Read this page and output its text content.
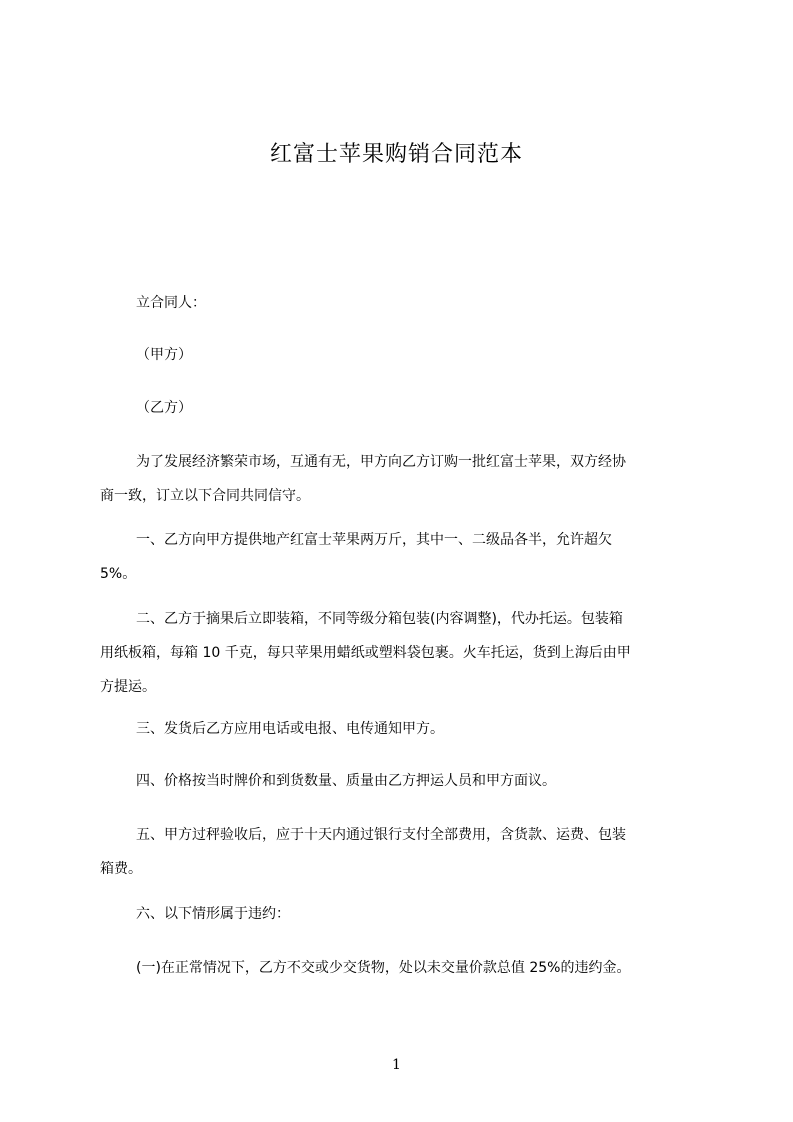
红富士苹果购销合同范本
立合同人：
（甲方）
（乙方）
为了发展经济繁荣市场，互通有无，甲方向乙方订购一批红富士苹果，双方经协
商一致，订立以下合同共同信守。
一、乙方向甲方提供地产红富士苹果两万斤，其中一、二级品各半，允许超欠
5%。
二、乙方于摘果后立即装箱，不同等级分箱包装(内容调整)，代办托运。包装箱
用纸板箱，每箱 10 千克，每只苹果用蜡纸或塑料袋包裹。火车托运，货到上海后由甲
方提运。
三、发货后乙方应用电话或电报、电传通知甲方。
四、价格按当时牌价和到货数量、质量由乙方押运人员和甲方面议。
五、甲方过秤验收后，应于十天内通过银行支付全部费用，含货款、运费、包装
箱费。
六、以下情形属于违约：
(一)在正常情况下，乙方不交或少交货物，处以未交量价款总值 25%的违约金。
1
